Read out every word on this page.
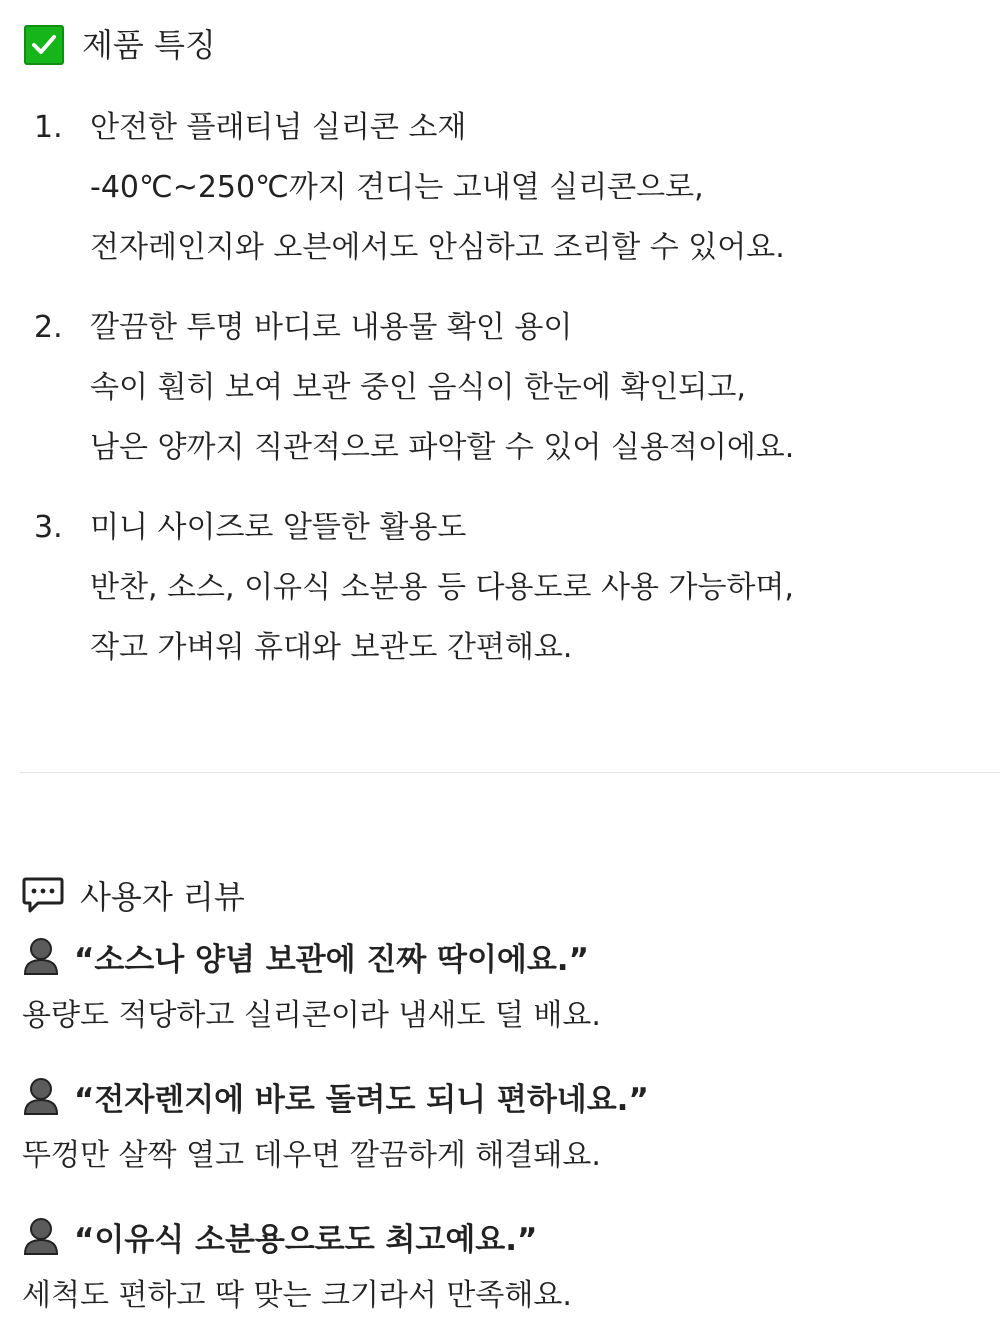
제품 특징
1. 안전한 플래티넘 실리콘 소재
-40℃~250℃까지 견디는 고내열 실리콘으로,
전자레인지와 오븐에서도 안심하고 조리할 수 있어요.
2. 깔끔한 투명 바디로 내용물 확인 용이
속이 훤히 보여 보관 중인 음식이 한눈에 확인되고,
남은 양까지 직관적으로 파악할 수 있어 실용적이에요.
3. 미니 사이즈로 알뜰한 활용도
반찬, 소스, 이유식 소분용 등 다용도로 사용 가능하며,
작고 가벼워 휴대와 보관도 간편해요.
사용자 리뷰
“소스나 양념 보관에 진짜 딱이에요.”
용량도 적당하고 실리콘이라 냄새도 덜 배요.
“전자렌지에 바로 돌려도 되니 편하네요.”
뚜껑만 살짝 열고 데우면 깔끔하게 해결돼요.
“이유식 소분용으로도 최고예요.”
세척도 편하고 딱 맞는 크기라서 만족해요.
